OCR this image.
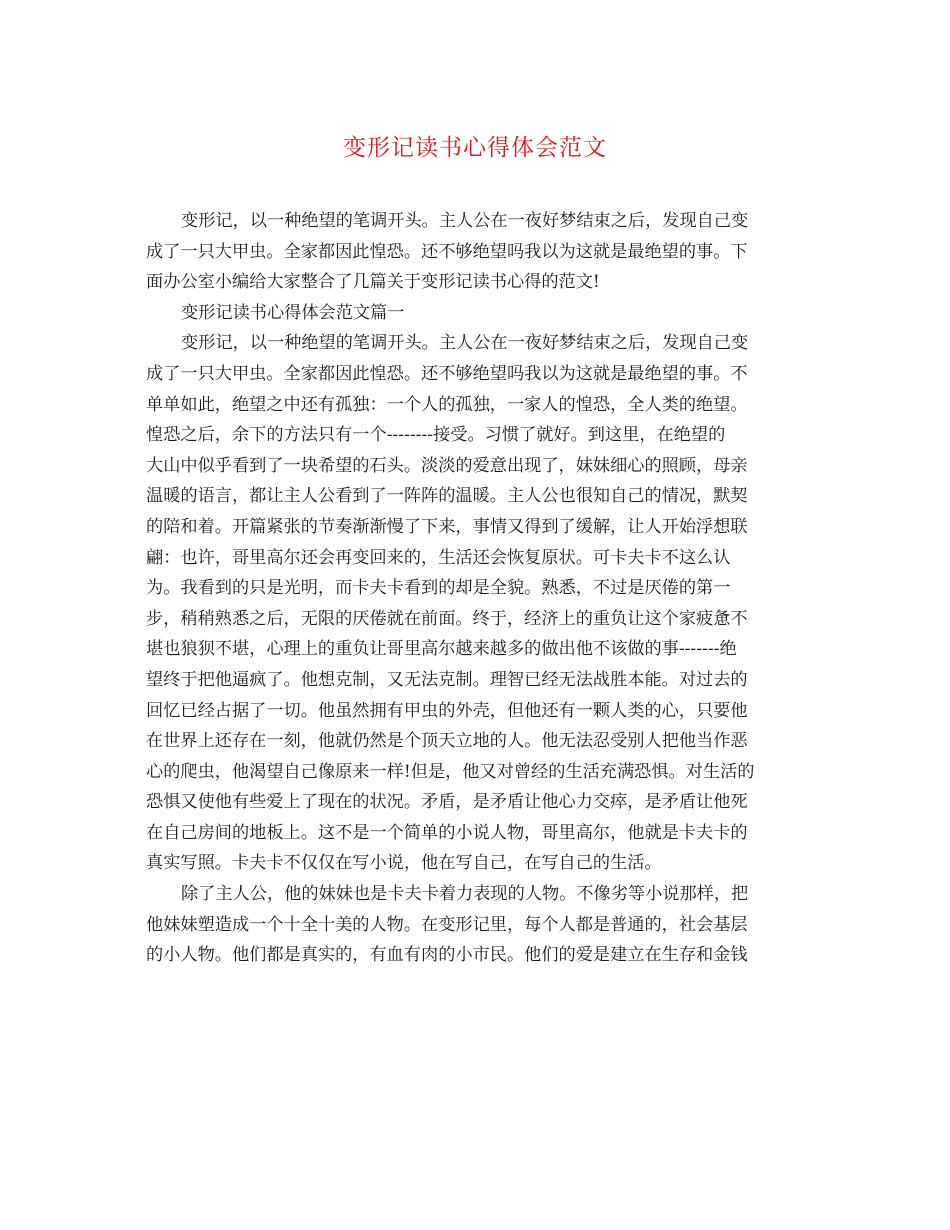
变形记读书心得体会范文
变形记，以一种绝望的笔调开头。主人公在一夜好梦结束之后，发现自己变
成了一只大甲虫。全家都因此惶恐。还不够绝望吗我以为这就是最绝望的事。下
面办公室小编给大家整合了几篇关于变形记读书心得的范文!
变形记读书心得体会范文篇一
变形记，以一种绝望的笔调开头。主人公在一夜好梦结束之后，发现自己变
成了一只大甲虫。全家都因此惶恐。还不够绝望吗我以为这就是最绝望的事。不
单单如此，绝望之中还有孤独：一个人的孤独，一家人的惶恐，全人类的绝望。
惶恐之后，余下的方法只有一个--------接受。习惯了就好。到这里，在绝望的
大山中似乎看到了一块希望的石头。淡淡的爱意出现了，妹妹细心的照顾，母亲
温暖的语言，都让主人公看到了一阵阵的温暖。主人公也很知自己的情况，默契
的陪和着。开篇紧张的节奏渐渐慢了下来，事情又得到了缓解，让人开始浮想联
翩：也许，哥里高尔还会再变回来的，生活还会恢复原状。可卡夫卡不这么认
为。我看到的只是光明，而卡夫卡看到的却是全貌。熟悉，不过是厌倦的第一
步，稍稍熟悉之后，无限的厌倦就在前面。终于，经济上的重负让这个家疲惫不
堪也狼狈不堪，心理上的重负让哥里高尔越来越多的做出他不该做的事-------绝
望终于把他逼疯了。他想克制，又无法克制。理智已经无法战胜本能。对过去的
回忆已经占据了一切。他虽然拥有甲虫的外壳，但他还有一颗人类的心，只要他
在世界上还存在一刻，他就仍然是个顶天立地的人。他无法忍受别人把他当作恶
心的爬虫，他渴望自己像原来一样!但是，他又对曾经的生活充满恐惧。对生活的
恐惧又使他有些爱上了现在的状况。矛盾，是矛盾让他心力交瘁，是矛盾让他死
在自己房间的地板上。这不是一个简单的小说人物，哥里高尔，他就是卡夫卡的
真实写照。卡夫卡不仅仅在写小说，他在写自己，在写自己的生活。
除了主人公，他的妹妹也是卡夫卡着力表现的人物。不像劣等小说那样，把
他妹妹塑造成一个十全十美的人物。在变形记里，每个人都是普通的，社会基层
的小人物。他们都是真实的，有血有肉的小市民。他们的爱是建立在生存和金钱
